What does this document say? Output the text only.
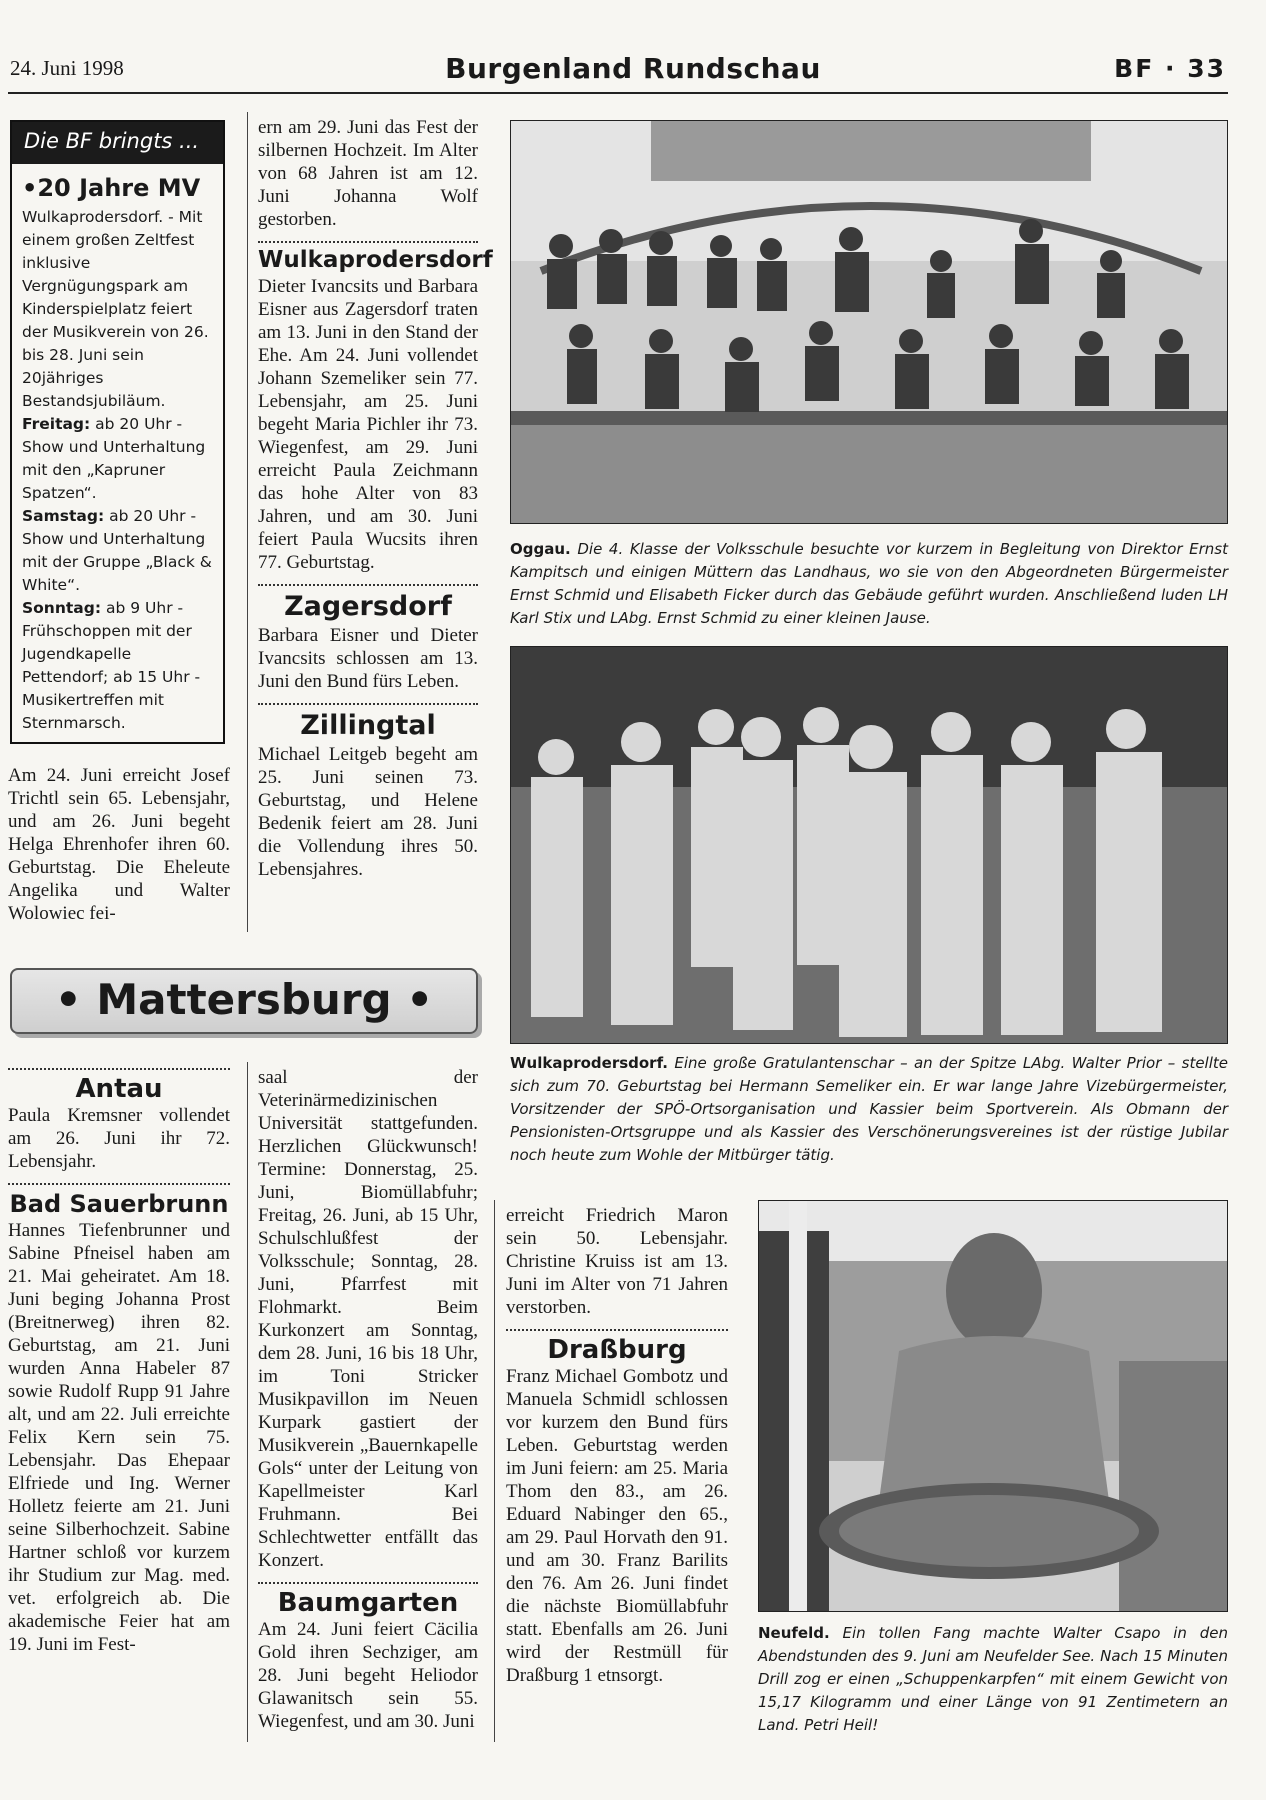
24. Juni 1998	Burgenland Rundschau	BF · 33
Die BF bringts ...
•20 Jahre MV

Wulkaprodersdorf. - Mit einem großen Zeltfest inklusive Vergnügungspark am Kinderspielplatz feiert der Musikverein von 26. bis 28. Juni sein 20jähriges Bestandsjubiläum.

Freitag: ab 20 Uhr - Show und Unterhaltung mit den „Kapruner Spatzen“.

Samstag: ab 20 Uhr - Show und Unterhaltung mit der Gruppe „Black & White“.

Sonntag: ab 9 Uhr - Frühschoppen mit der Jugendkapelle Pettendorf; ab 15 Uhr - Musikertreffen mit Sternmarsch.

Am 24. Juni erreicht Josef Trichtl sein 65. Lebensjahr, und am 26. Juni begeht Helga Ehrenhofer ihren 60. Geburtstag. Die Eheleute Angelika und Walter Wolowiec fei-
ern am 29. Juni das Fest der silbernen Hochzeit. Im Alter von 68 Jahren ist am 12. Juni Johanna Wolf gestorben.
Wulkaprodersdorf
Dieter Ivancsits und Barbara Eisner aus Zagersdorf traten am 13. Juni in den Stand der Ehe. Am 24. Juni vollendet Johann Szemeliker sein 77. Lebensjahr, am 25. Juni begeht Maria Pichler ihr 73. Wiegenfest, am 29. Juni erreicht Paula Zeichmann das hohe Alter von 83 Jahren, und am 30. Juni feiert Paula Wucsits ihren 77. Geburtstag.
Zagersdorf
Barbara Eisner und Dieter Ivancsits schlossen am 13. Juni den Bund fürs Leben.
Zillingtal
Michael Leitgeb begeht am 25. Juni seinen 73. Geburtstag, und Helene Bedenik feiert am 28. Juni die Vollendung ihres 50. Lebensjahres.
• Mattersburg •
Antau
Paula Kremsner vollendet am 26. Juni ihr 72. Lebensjahr.
Bad Sauerbrunn
Hannes Tiefenbrunner und Sabine Pfneisel haben am 21. Mai geheiratet. Am 18. Juni beging Johanna Prost (Breitnerweg) ihren 82. Geburtstag, am 21. Juni wurden Anna Habeler 87 sowie Rudolf Rupp 91 Jahre alt, und am 22. Juli erreichte Felix Kern sein 75. Lebensjahr. Das Ehepaar Elfriede und Ing. Werner Holletz feierte am 21. Juni seine Silberhochzeit. Sabine Hartner schloß vor kurzem ihr Studium zur Mag. med. vet. erfolgreich ab. Die akademische Feier hat am 19. Juni im Fest-
saal der Veterinärmedizinischen Universität stattgefunden. Herzlichen Glückwunsch! Termine: Donnerstag, 25. Juni, Biomüllabfuhr; Freitag, 26. Juni, ab 15 Uhr, Schulschlußfest der Volksschule; Sonntag, 28. Juni, Pfarrfest mit Flohmarkt. Beim Kurkonzert am Sonntag, dem 28. Juni, 16 bis 18 Uhr, im Toni Stricker Musikpavillon im Neuen Kurpark gastiert der Musikverein „Bauernkapelle Gols“ unter der Leitung von Kapellmeister Karl Fruhmann. Bei Schlechtwetter entfällt das Konzert.
Baumgarten
Am 24. Juni feiert Cäcilia Gold ihren Sechziger, am 28. Juni begeht Heliodor Glawanitsch sein 55. Wiegenfest, und am 30. Juni
erreicht Friedrich Maron sein 50. Lebensjahr. Christine Kruiss ist am 13. Juni im Alter von 71 Jahren verstorben.
Draßburg
Franz Michael Gombotz und Manuela Schmidl schlossen vor kurzem den Bund fürs Leben. Geburtstag werden im Juni feiern: am 25. Maria Thom den 83., am 26. Eduard Nabinger den 65., am 29. Paul Horvath den 91. und am 30. Franz Barilits den 76. Am 26. Juni findet die nächste Biomüllabfuhr statt. Ebenfalls am 26. Juni wird der Restmüll für Draßburg 1 etnsorgt.
Oggau. Die 4. Klasse der Volksschule besuchte vor kurzem in Begleitung von Direktor Ernst Kampitsch und einigen Müttern das Landhaus, wo sie von den Abgeordneten Bürgermeister Ernst Schmid und Elisabeth Ficker durch das Gebäude geführt wurden. Anschließend luden LH Karl Stix und LAbg. Ernst Schmid zu einer kleinen Jause.
Wulkaprodersdorf. Eine große Gratulantenschar – an der Spitze LAbg. Walter Prior – stellte sich zum 70. Geburtstag bei Hermann Semeliker ein. Er war lange Jahre Vizebürgermeister, Vorsitzender der SPÖ-Ortsorganisation und Kassier beim Sportverein. Als Obmann der Pensionisten-Ortsgruppe und als Kassier des Verschönerungsvereines ist der rüstige Jubilar noch heute zum Wohle der Mitbürger tätig.
Neufeld. Ein tollen Fang machte Walter Csapo in den Abendstunden des 9. Juni am Neufelder See. Nach 15 Minuten Drill zog er einen „Schuppenkarpfen“ mit einem Gewicht von 15,17 Kilogramm und einer Länge von 91 Zentimetern an Land. Petri Heil!
